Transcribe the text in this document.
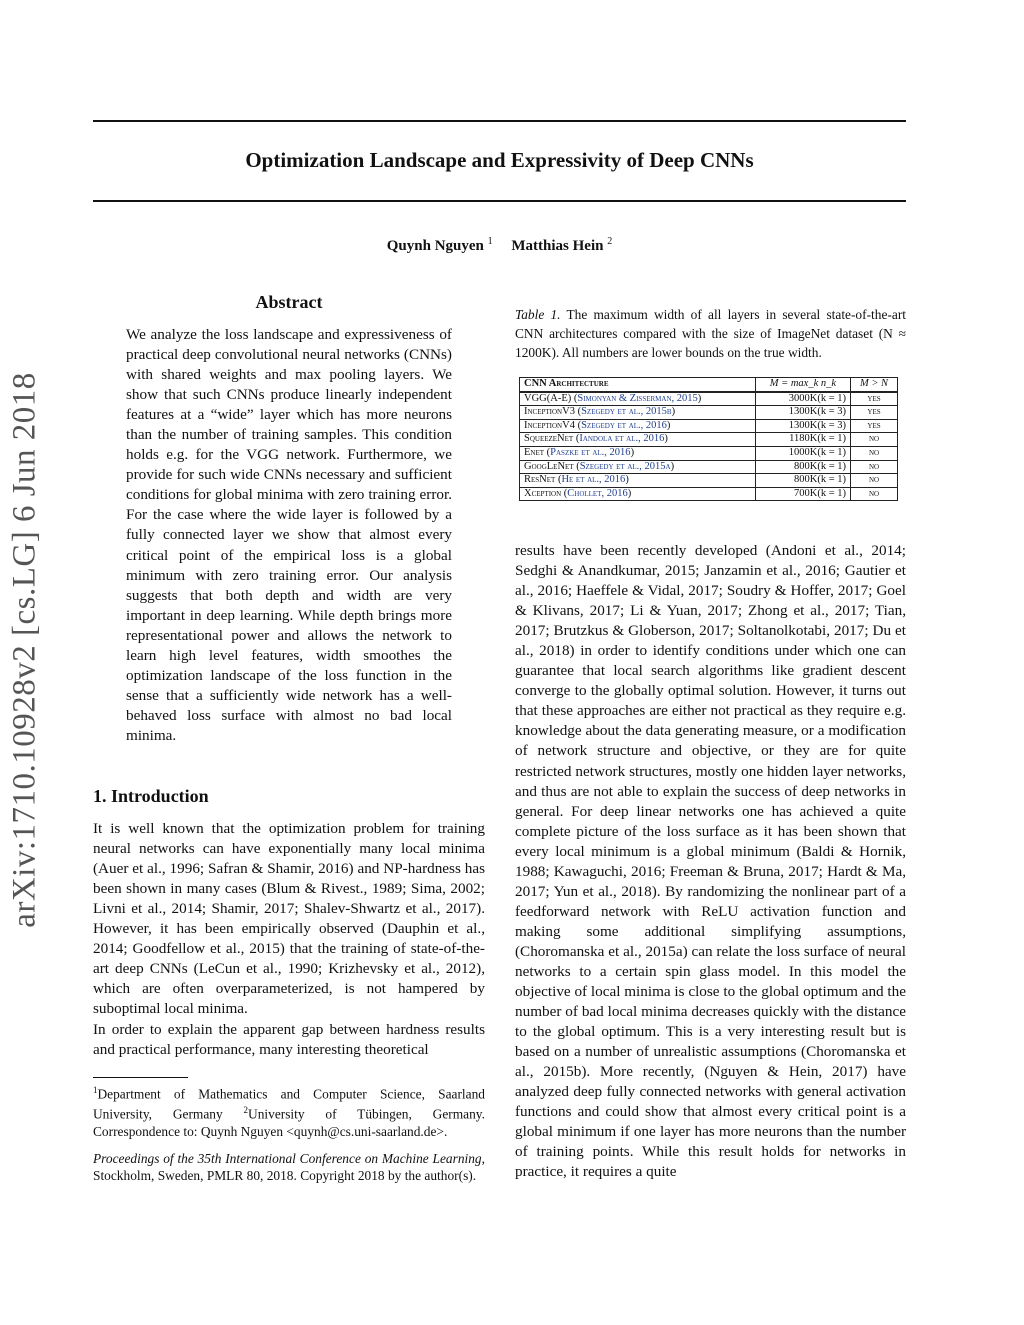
Optimization Landscape and Expressivity of Deep CNNs
Quynh Nguyen $^1$ Matthias Hein $^2$
arXiv:1710.10928v2 [cs.LG] 6 Jun 2018
Abstract
We analyze the loss landscape and expressiveness of practical deep convolutional neural networks (CNNs) with shared weights and max pooling layers. We show that such CNNs produce linearly independent features at a “wide” layer which has more neurons than the number of training samples. This condition holds e.g. for the VGG network. Furthermore, we provide for such wide CNNs necessary and sufficient conditions for global minima with zero training error. For the case where the wide layer is followed by a fully connected layer we show that almost every critical point of the empirical loss is a global minimum with zero training error. Our analysis suggests that both depth and width are very important in deep learning. While depth brings more representational power and allows the network to learn high level features, width smoothes the optimization landscape of the loss function in the sense that a sufficiently wide network has a well-behaved loss surface with almost no bad local minima.
1. Introduction
It is well known that the optimization problem for training neural networks can have exponentially many local minima (Auer et al., 1996; Safran & Shamir, 2016) and NP-hardness has been shown in many cases (Blum & Rivest., 1989; Sima, 2002; Livni et al., 2014; Shamir, 2017; Shalev-Shwartz et al., 2017). However, it has been empirically observed (Dauphin et al., 2014; Goodfellow et al., 2015) that the training of state-of-the-art deep CNNs (LeCun et al., 1990; Krizhevsky et al., 2012), which are often overparameterized, is not hampered by suboptimal local minima.
In order to explain the apparent gap between hardness results and practical performance, many interesting theoretical
$^1$Department of Mathematics and Computer Science, Saarland University, Germany $^2$University of Tübingen, Germany. Correspondence to: Quynh Nguyen <quynh@cs.uni-saarland.de>.
Proceedings of the 35th International Conference on Machine Learning, Stockholm, Sweden, PMLR 80, 2018. Copyright 2018 by the author(s).
Table 1. The maximum width of all layers in several state-of-the-art CNN architectures compared with the size of ImageNet dataset (N ≈ 1200K). All numbers are lower bounds on the true width.
CNN Architecture	M = max_k n_k	M > N
VGG(A-E) (Simonyan & Zisserman, 2015)	3000K(k = 1)	yes
InceptionV3 (Szegedy et al., 2015b)	1300K(k = 3)	yes
InceptionV4 (Szegedy et al., 2016)	1300K(k = 3)	yes
SqueezeNet (Iandola et al., 2016)	1180K(k = 1)	no
Enet (Paszke et al., 2016)	1000K(k = 1)	no
GoogLeNet (Szegedy et al., 2015a)	800K(k = 1)	no
ResNet (He et al., 2016)	800K(k = 1)	no
Xception (Chollet, 2016)	700K(k = 1)	no
results have been recently developed (Andoni et al., 2014; Sedghi & Anandkumar, 2015; Janzamin et al., 2016; Gautier et al., 2016; Haeffele & Vidal, 2017; Soudry & Hoffer, 2017; Goel & Klivans, 2017; Li & Yuan, 2017; Zhong et al., 2017; Tian, 2017; Brutzkus & Globerson, 2017; Soltanolkotabi, 2017; Du et al., 2018) in order to identify conditions under which one can guarantee that local search algorithms like gradient descent converge to the globally optimal solution. However, it turns out that these approaches are either not practical as they require e.g. knowledge about the data generating measure, or a modification of network structure and objective, or they are for quite restricted network structures, mostly one hidden layer networks, and thus are not able to explain the success of deep networks in general. For deep linear networks one has achieved a quite complete picture of the loss surface as it has been shown that every local minimum is a global minimum (Baldi & Hornik, 1988; Kawaguchi, 2016; Freeman & Bruna, 2017; Hardt & Ma, 2017; Yun et al., 2018). By randomizing the nonlinear part of a feedforward network with ReLU activation function and making some additional simplifying assumptions, (Choromanska et al., 2015a) can relate the loss surface of neural networks to a certain spin glass model. In this model the objective of local minima is close to the global optimum and the number of bad local minima decreases quickly with the distance to the global optimum. This is a very interesting result but is based on a number of unrealistic assumptions (Choromanska et al., 2015b). More recently, (Nguyen & Hein, 2017) have analyzed deep fully connected networks with general activation functions and could show that almost every critical point is a global minimum if one layer has more neurons than the number of training points. While this result holds for networks in practice, it requires a quite
